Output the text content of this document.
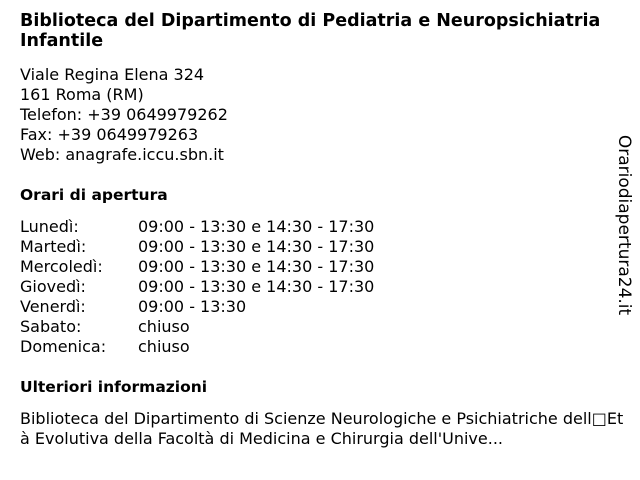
Biblioteca del Dipartimento di Pediatria e Neuropsichiatria Infantile
Viale Regina Elena 324
161 Roma (RM)
Telefon: +39 0649979262
Fax: +39 0649979263
Web: anagrafe.iccu.sbn.it
Orari di apertura
Lunedì:	09:00 - 13:30 e 14:30 - 17:30
Martedì:	09:00 - 13:30 e 14:30 - 17:30
Mercoledì:	09:00 - 13:30 e 14:30 - 17:30
Giovedì:	09:00 - 13:30 e 14:30 - 17:30
Venerdì:	09:00 - 13:30
Sabato:	chiuso
Domenica:	chiuso
Ulteriori informazioni
Biblioteca del Dipartimento di Scienze Neurologiche e Psichiatriche dell□Età Evolutiva della Facoltà di Medicina e Chirurgia dell'Unive...
Orariodiapertura24.it
